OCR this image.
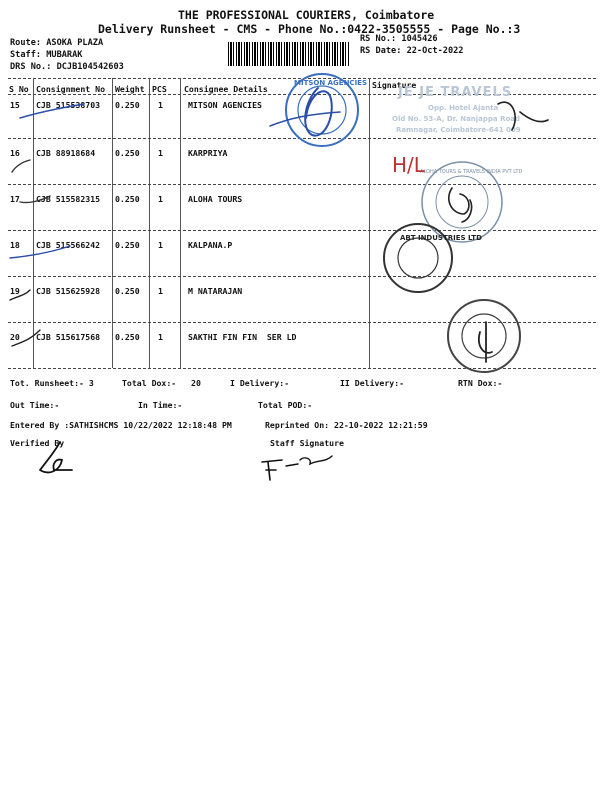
THE PROFESSIONAL COURIERS, Coimbatore
Delivery Runsheet - CMS - Phone No.:0422-3505555 - Page No.:3
Route: ASOKA PLAZA
Staff: MUBARAK
DRS No.: DCJB104542603
RS No.: 1045426
RS Date: 22-Oct-2022
S No Consignment No Weight PCS Consignee Details	Signature
15 CJB 515538703 0.250 1	MITSON AGENCIES
16 CJB 88918684 0.250 1	KARPRIYA
17 CJB 515582315 0.250 1	ALOHA TOURS
18 CJB 515566242 0.250 1	KALPANA.P
19 CJB 515625928 0.250 1	M NATARAJAN
20 CJB 515617568 0.250 1	SAKTHI FIN FIN  SER LD
Tot. Runsheet:- 3	Total Dox:-   20	I Delivery:-	II Delivery:-	RTN Dox:-
Out Time:-	In Time:-	Total POD:-
Entered By :SATHISHCMS 10/22/2022 12:18:48 PM	Reprinted On: 22-10-2022 12:21:59
Verified By	Staff Signature
JE JE TRAVELS
Opp. Hotel Ajanta
Old No. 53-A, Dr. Nanjappa Road
Ramnagar, Coimbatore-641 009
MITSON AGENCIES
ALOHA TOURS & TRAVELS INDIA PVT LTD
ABT INDUSTRIES LTD
H/L
